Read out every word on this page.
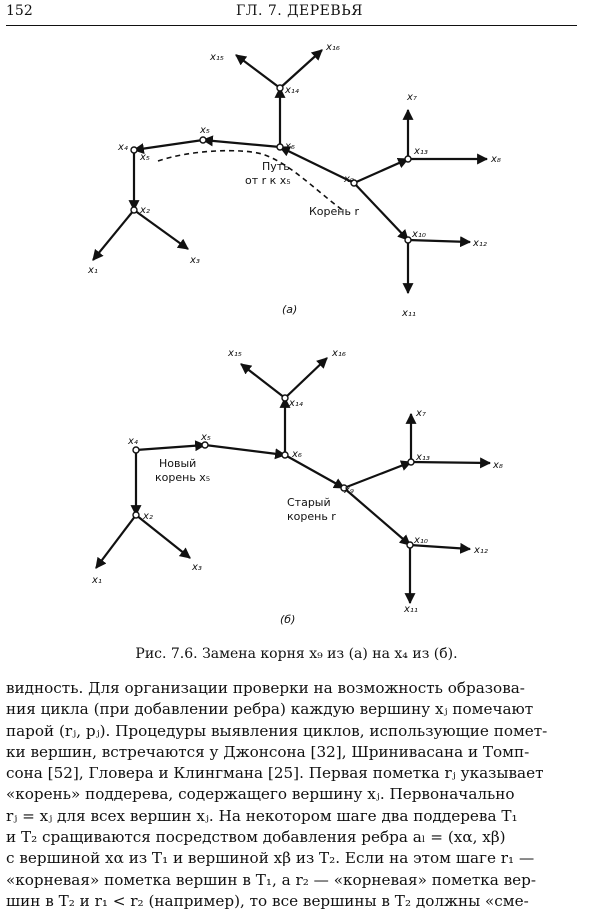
152	ГЛ. 7. ДЕРЕВЬЯ
x₁₅
x₁₆
x₁₄
x₇
x₅
x₄	x₆	x₁₃
x₈
x₅
x₉
x₂
x₁₀
x₁₂
x₃
x₁
x₁₁
Путь
от r к x₅
Корень r
(а)
x₁₅	x₁₆
x₁₄
x₇
x₄	x₅
x₆	x₁₃
x₈
x₉
x₂
x₁₀
x₁₂
x₃
x₁
x₁₁
Новый
корень x₅
Старый
корень r
(б)
Рис. 7.6. Замена корня x₉ из (а) на x₄ из (б).
видность. Для организации проверки на возможность образова-
ния цикла (при добавлении ребра) каждую вершину xⱼ помечают
парой (rⱼ, pⱼ). Процедуры выявления циклов, использующие помет-
ки вершин, встречаются у Джонсона [32], Шринивасана и Томп-
сона [52], Гловера и Клингмана [25]. Первая пометка rⱼ указывает
«корень» поддерева, содержащего вершину xⱼ. Первоначально
rⱼ = xⱼ для всех вершин xⱼ. На некотором шаге два поддерева T₁
и T₂ сращиваются посредством добавления ребра aₗ = (xα, xβ)
с вершиной xα из T₁ и вершиной xβ из T₂. Если на этом шаге r₁ —
«корневая» пометка вершин в T₁, а r₂ — «корневая» пометка вер-
шин в T₂ и r₁ < r₂ (например), то все вершины в T₂ должны «сме-
